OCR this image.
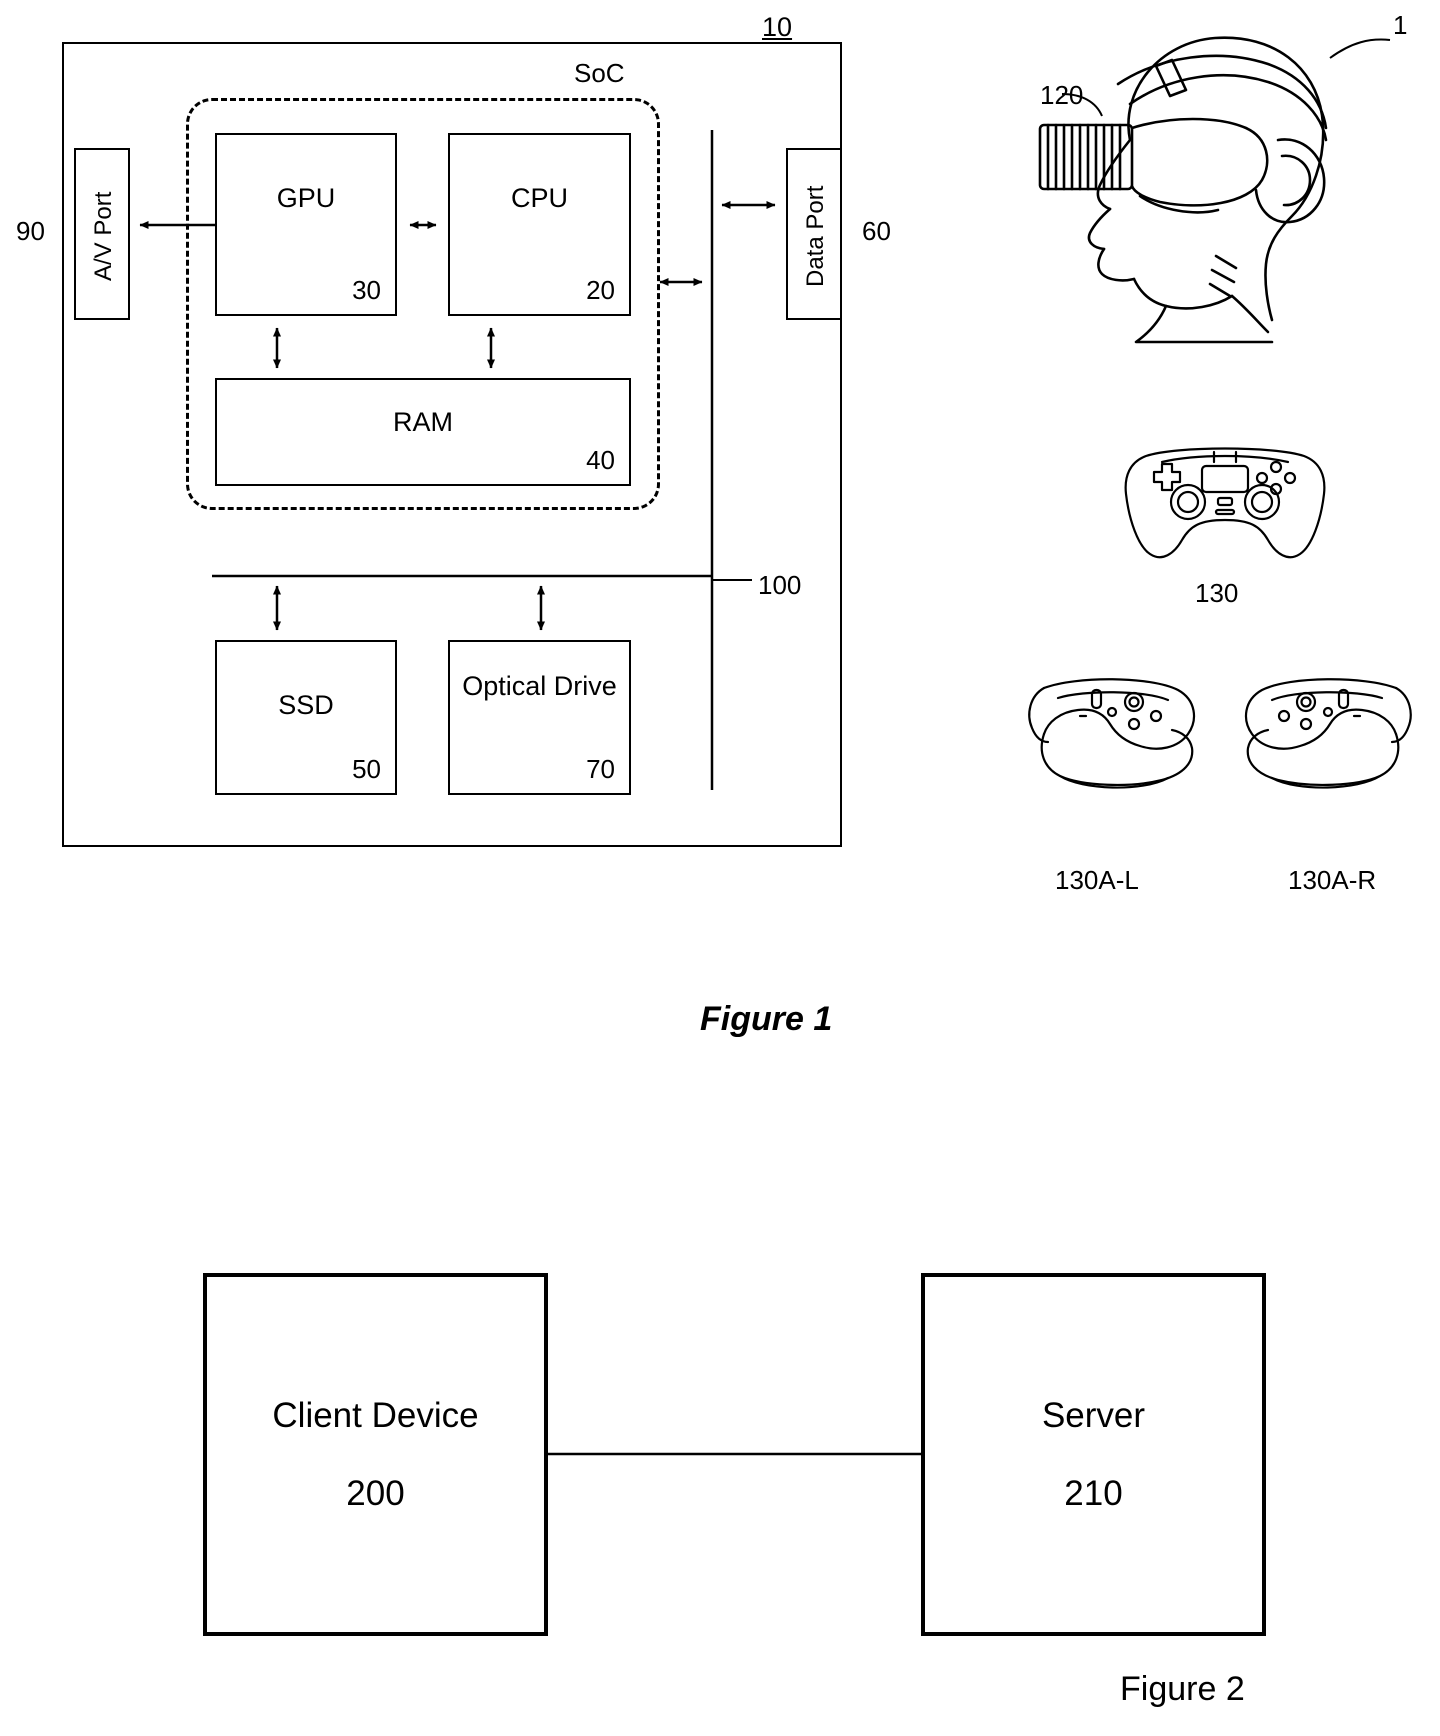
10
SoC
GPU
30
CPU
20
RAM
40
SSD
50
Optical Drive
70
A/V Port
90	Data Port	60
100
120
1
130
130A-L	130A-R
Figure 1
Client Device
200
Server
210
Figure 2
